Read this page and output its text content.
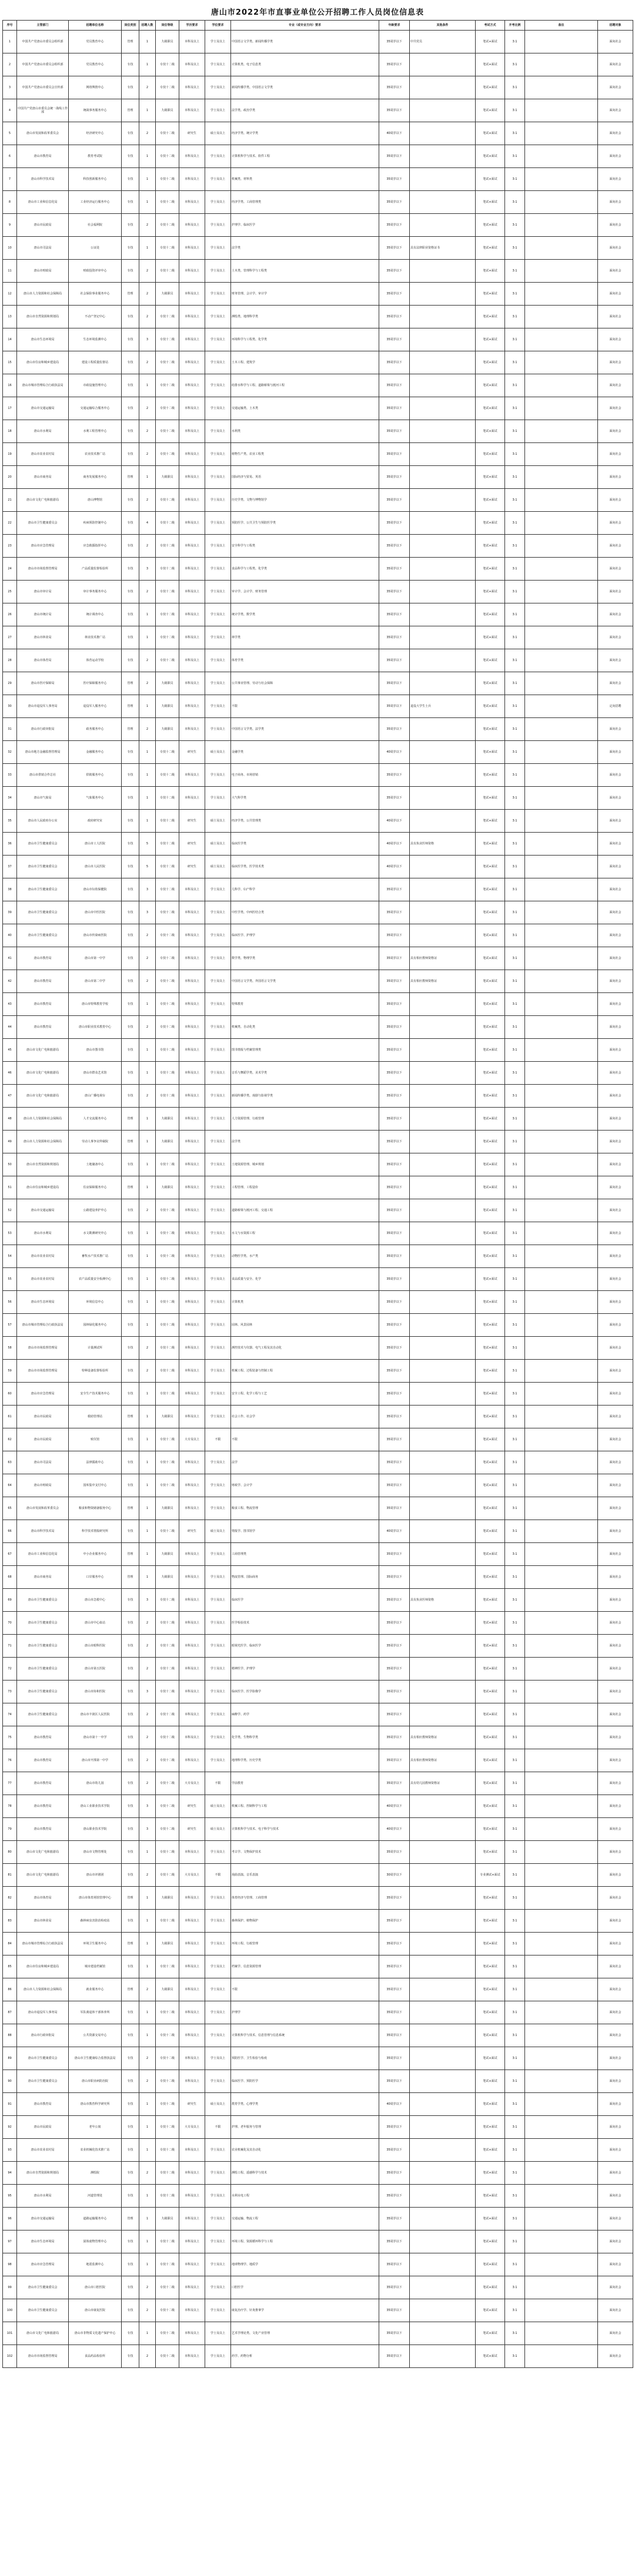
唐山市2022年市直事业单位公开招聘工作人员岗位信息表
序号	主管部门	招聘单位名称	岗位类别	招聘人数	岗位等级	学历要求	学位要求	专业（或专业方向）要求	年龄要求	其他条件	考试方式	开考比例	备注	招聘对象
1	中国共产党唐山市委员会组织部	党员教育中心	管理	1	九级职员	本科及以上	学士及以上	中国语言文学类、新闻传播学类	35周岁以下	中共党员	笔试+面试	3:1		面向社会
2	中国共产党唐山市委员会组织部	党员教育中心	专技	1	专技十二级	本科及以上	学士及以上	计算机类、电子信息类	35周岁以下		笔试+面试	3:1		面向社会
3	中国共产党唐山市委员会宣传部	网络舆情中心	专技	2	专技十二级	本科及以上	学士及以上	新闻传播学类、中国语言文学类	35周岁以下		笔试+面试	3:1		面向社会
4	中国共产党唐山市委员会统一战线工作部	统战事务服务中心	管理	1	九级职员	本科及以上	学士及以上	法学类、政治学类	35周岁以下		笔试+面试	3:1		面向社会
5	唐山市发展和改革委员会	经济研究中心	专技	2	专技十二级	研究生	硕士及以上	经济学类、统计学类	40周岁以下		笔试+面试	3:1		面向社会
6	唐山市教育局	教育考试院	专技	1	专技十二级	本科及以上	学士及以上	计算机科学与技术、软件工程	35周岁以下		笔试+面试	3:1		面向社会
7	唐山市科学技术局	科技创新服务中心	专技	1	专技十二级	本科及以上	学士及以上	机械类、材料类	35周岁以下		笔试+面试	3:1		面向社会
8	唐山市工业和信息化局	工业经济运行服务中心	专技	1	专技十二级	本科及以上	学士及以上	经济学类、工商管理类	35周岁以下		笔试+面试	3:1		面向社会
9	唐山市民政局	社会福利院	专技	2	专技十二级	本科及以上	学士及以上	护理学、临床医学	35周岁以下		笔试+面试	3:1		面向社会
10	唐山市司法局	公证处	专技	1	专技十二级	本科及以上	学士及以上	法学类	35周岁以下	具有法律职业资格证书	笔试+面试	3:1		面向社会
11	唐山市财政局	财政投资评审中心	专技	2	专技十二级	本科及以上	学士及以上	土木类、管理科学与工程类	35周岁以下		笔试+面试	3:1		面向社会
12	唐山市人力资源和社会保障局	社会保险事业服务中心	管理	2	九级职员	本科及以上	学士及以上	财务管理、会计学、审计学	35周岁以下		笔试+面试	3:1		面向社会
13	唐山市自然资源和规划局	不动产登记中心	专技	2	专技十二级	本科及以上	学士及以上	测绘类、地理科学类	35周岁以下		笔试+面试	3:1		面向社会
14	唐山市生态环境局	生态环境监测中心	专技	3	专技十二级	本科及以上	学士及以上	环境科学与工程类、化学类	35周岁以下		笔试+面试	3:1		面向社会
15	唐山市住房和城乡建设局	建设工程质量监督站	专技	2	专技十二级	本科及以上	学士及以上	土木工程、建筑学	35周岁以下		笔试+面试	3:1		面向社会
16	唐山市城市管理综合行政执法局	市政设施管理中心	专技	1	专技十二级	本科及以上	学士及以上	给排水科学与工程、道路桥梁与渡河工程	35周岁以下		笔试+面试	3:1		面向社会
17	唐山市交通运输局	交通运输综合服务中心	专技	2	专技十二级	本科及以上	学士及以上	交通运输类、土木类	35周岁以下		笔试+面试	3:1		面向社会
18	唐山市水利局	水利工程管理中心	专技	2	专技十二级	本科及以上	学士及以上	水利类	35周岁以下		笔试+面试	3:1		面向社会
19	唐山市农业农村局	农业技术推广站	专技	2	专技十二级	本科及以上	学士及以上	植物生产类、农业工程类	35周岁以下		笔试+面试	3:1		面向社会
20	唐山市商务局	商务发展服务中心	管理	1	九级职员	本科及以上	学士及以上	国际经济与贸易、英语	35周岁以下		笔试+面试	3:1		面向社会
21	唐山市文化广电和旅游局	唐山博物馆	专技	2	专技十二级	本科及以上	学士及以上	历史学类、文物与博物馆学	35周岁以下		笔试+面试	3:1		面向社会
22	唐山市卫生健康委员会	疾病预防控制中心	专技	4	专技十二级	本科及以上	学士及以上	预防医学、公共卫生与预防医学类	35周岁以下		笔试+面试	3:1		面向社会
23	唐山市应急管理局	应急救援指挥中心	专技	2	专技十二级	本科及以上	学士及以上	安全科学与工程类	35周岁以下		笔试+面试	3:1		面向社会
24	唐山市市场监督管理局	产品质量监督检验所	专技	3	专技十二级	本科及以上	学士及以上	食品科学与工程类、化学类	35周岁以下		笔试+面试	3:1		面向社会
25	唐山市审计局	审计事务服务中心	专技	2	专技十二级	本科及以上	学士及以上	审计学、会计学、财务管理	35周岁以下		笔试+面试	3:1		面向社会
26	唐山市统计局	统计调查中心	专技	1	专技十二级	本科及以上	学士及以上	统计学类、数学类	35周岁以下		笔试+面试	3:1		面向社会
27	唐山市林业局	林业技术推广站	专技	1	专技十二级	本科及以上	学士及以上	林学类	35周岁以下		笔试+面试	3:1		面向社会
28	唐山市体育局	体育运动学校	专技	2	专技十二级	本科及以上	学士及以上	体育学类	35周岁以下		笔试+面试	3:1		面向社会
29	唐山市医疗保障局	医疗保障服务中心	管理	2	九级职员	本科及以上	学士及以上	公共事业管理、劳动与社会保障	35周岁以下		笔试+面试	3:1		面向社会
30	唐山市退役军人事务局	退役军人服务中心	管理	1	九级职员	本科及以上	学士及以上	不限	35周岁以下	退役大学生士兵	笔试+面试	3:1		定向招聘
31	唐山市行政审批局	政务服务中心	管理	2	九级职员	本科及以上	学士及以上	中国语言文学类、法学类	35周岁以下		笔试+面试	3:1		面向社会
32	唐山市地方金融监督管理局	金融服务中心	专技	1	专技十二级	研究生	硕士及以上	金融学类	40周岁以下		笔试+面试	3:1		面向社会
33	唐山市供销合作总社	供销服务中心	专技	1	专技十二级	本科及以上	学士及以上	电子商务、市场营销	35周岁以下		笔试+面试	3:1		面向社会
34	唐山市气象局	气象服务中心	专技	1	专技十二级	本科及以上	学士及以上	大气科学类	35周岁以下		笔试+面试	3:1		面向社会
35	唐山市人民政府办公室	政府研究室	专技	1	专技十二级	研究生	硕士及以上	经济学类、公共管理类	40周岁以下		笔试+面试	3:1		面向社会
36	唐山市卫生健康委员会	唐山市工人医院	专技	5	专技十二级	研究生	硕士及以上	临床医学类	40周岁以下	具有执业医师资格	笔试+面试	3:1		面向社会
37	唐山市卫生健康委员会	唐山市人民医院	专技	5	专技十二级	研究生	硕士及以上	临床医学类、医学技术类	40周岁以下		笔试+面试	3:1		面向社会
38	唐山市卫生健康委员会	唐山市妇幼保健院	专技	3	专技十二级	本科及以上	学士及以上	儿科学、妇产科学	35周岁以下		笔试+面试	3:1		面向社会
39	唐山市卫生健康委员会	唐山市中医医院	专技	3	专技十二级	本科及以上	学士及以上	中医学类、中西医结合类	35周岁以下		笔试+面试	3:1		面向社会
40	唐山市卫生健康委员会	唐山市传染病医院	专技	2	专技十二级	本科及以上	学士及以上	临床医学、护理学	35周岁以下		笔试+面试	3:1		面向社会
41	唐山市教育局	唐山市第一中学	专技	2	专技十二级	本科及以上	学士及以上	数学类、物理学类	35周岁以下	具有相应教师资格证	笔试+面试	3:1		面向社会
42	唐山市教育局	唐山市第二中学	专技	2	专技十二级	本科及以上	学士及以上	中国语言文学类、外国语言文学类	35周岁以下	具有相应教师资格证	笔试+面试	3:1		面向社会
43	唐山市教育局	唐山市特殊教育学校	专技	1	专技十二级	本科及以上	学士及以上	特殊教育	35周岁以下		笔试+面试	3:1		面向社会
44	唐山市教育局	唐山市职业技术教育中心	专技	2	专技十二级	本科及以上	学士及以上	机械类、自动化类	35周岁以下		笔试+面试	3:1		面向社会
45	唐山市文化广电和旅游局	唐山市图书馆	专技	1	专技十二级	本科及以上	学士及以上	图书情报与档案管理类	35周岁以下		笔试+面试	3:1		面向社会
46	唐山市文化广电和旅游局	唐山市群众艺术馆	专技	1	专技十二级	本科及以上	学士及以上	音乐与舞蹈学类、美术学类	35周岁以下		笔试+面试	3:1		面向社会
47	唐山市文化广电和旅游局	唐山广播电视台	专技	2	专技十二级	本科及以上	学士及以上	新闻传播学类、戏剧与影视学类	35周岁以下		笔试+面试	3:1		面向社会
48	唐山市人力资源和社会保障局	人才交流服务中心	管理	1	九级职员	本科及以上	学士及以上	人力资源管理、行政管理	35周岁以下		笔试+面试	3:1		面向社会
49	唐山市人力资源和社会保障局	劳动人事争议仲裁院	管理	1	九级职员	本科及以上	学士及以上	法学类	35周岁以下		笔试+面试	3:1		面向社会
50	唐山市自然资源和规划局	土地储备中心	专技	1	专技十二级	本科及以上	学士及以上	土地资源管理、城乡规划	35周岁以下		笔试+面试	3:1		面向社会
51	唐山市住房和城乡建设局	住房保障服务中心	管理	1	九级职员	本科及以上	学士及以上	工程管理、工程造价	35周岁以下		笔试+面试	3:1		面向社会
52	唐山市交通运输局	公路建设养护中心	专技	2	专技十二级	本科及以上	学士及以上	道路桥梁与渡河工程、交通工程	35周岁以下		笔试+面试	3:1		面向社会
53	唐山市水利局	水文勘测研究中心	专技	1	专技十二级	本科及以上	学士及以上	水文与水资源工程	35周岁以下		笔试+面试	3:1		面向社会
54	唐山市农业农村局	畜牧水产技术推广站	专技	1	专技十二级	本科及以上	学士及以上	动物医学类、水产类	35周岁以下		笔试+面试	3:1		面向社会
55	唐山市农业农村局	农产品质量安全检测中心	专技	1	专技十二级	本科及以上	学士及以上	食品质量与安全、化学	35周岁以下		笔试+面试	3:1		面向社会
56	唐山市生态环境局	环境信息中心	专技	1	专技十二级	本科及以上	学士及以上	计算机类	35周岁以下		笔试+面试	3:1		面向社会
57	唐山市城市管理综合行政执法局	园林绿化服务中心	专技	1	专技十二级	本科及以上	学士及以上	园林、风景园林	35周岁以下		笔试+面试	3:1		面向社会
58	唐山市市场监督管理局	计量测试所	专技	2	专技十二级	本科及以上	学士及以上	测控技术与仪器、电气工程及其自动化	35周岁以下		笔试+面试	3:1		面向社会
59	唐山市市场监督管理局	特种设备监督检验所	专技	2	专技十二级	本科及以上	学士及以上	机械工程、过程装备与控制工程	35周岁以下		笔试+面试	3:1		面向社会
60	唐山市应急管理局	安全生产技术服务中心	专技	1	专技十二级	本科及以上	学士及以上	安全工程、化学工程与工艺	35周岁以下		笔试+面试	3:1		面向社会
61	唐山市民政局	救助管理站	管理	1	九级职员	本科及以上	学士及以上	社会工作、社会学	35周岁以下		笔试+面试	3:1		面向社会
62	唐山市民政局	殡仪馆	专技	1	专技十二级	大专及以上	不限	不限	35周岁以下		笔试+面试	3:1		面向社会
63	唐山市司法局	法律援助中心	专技	1	专技十二级	本科及以上	学士及以上	法学	35周岁以下		笔试+面试	3:1		面向社会
64	唐山市财政局	国库集中支付中心	专技	1	专技十二级	本科及以上	学士及以上	财政学、会计学	35周岁以下		笔试+面试	3:1		面向社会
65	唐山市发展和改革委员会	粮食和物资储备服务中心	管理	1	九级职员	本科及以上	学士及以上	粮食工程、物流管理	35周岁以下		笔试+面试	3:1		面向社会
66	唐山市科学技术局	科学技术情报研究所	专技	1	专技十二级	研究生	硕士及以上	情报学、图书馆学	40周岁以下		笔试+面试	3:1		面向社会
67	唐山市工业和信息化局	中小企业服务中心	管理	1	九级职员	本科及以上	学士及以上	工商管理类	35周岁以下		笔试+面试	3:1		面向社会
68	唐山市商务局	口岸服务中心	管理	1	九级职员	本科及以上	学士及以上	物流管理、国际商务	35周岁以下		笔试+面试	3:1		面向社会
69	唐山市卫生健康委员会	唐山市急救中心	专技	3	专技十二级	本科及以上	学士及以上	临床医学	35周岁以下	具有执业医师资格	笔试+面试	3:1		面向社会
70	唐山市卫生健康委员会	唐山市中心血站	专技	2	专技十二级	本科及以上	学士及以上	医学检验技术	35周岁以下		笔试+面试	3:1		面向社会
71	唐山市卫生健康委员会	唐山市眼科医院	专技	2	专技十二级	本科及以上	学士及以上	眼视光医学、临床医学	35周岁以下		笔试+面试	3:1		面向社会
72	唐山市卫生健康委员会	唐山市第五医院	专技	2	专技十二级	本科及以上	学士及以上	精神医学、护理学	35周岁以下		笔试+面试	3:1		面向社会
73	唐山市卫生健康委员会	唐山市协和医院	专技	3	专技十二级	本科及以上	学士及以上	临床医学、医学影像学	35周岁以下		笔试+面试	3:1		面向社会
74	唐山市卫生健康委员会	唐山市丰润区人民医院	专技	2	专技十二级	本科及以上	学士及以上	麻醉学、药学	35周岁以下		笔试+面试	3:1		面向社会
75	唐山市教育局	唐山市第十一中学	专技	2	专技十二级	本科及以上	学士及以上	化学类、生物科学类	35周岁以下	具有相应教师资格证	笔试+面试	3:1		面向社会
76	唐山市教育局	唐山市开滦第一中学	专技	2	专技十二级	本科及以上	学士及以上	地理科学类、历史学类	35周岁以下	具有相应教师资格证	笔试+面试	3:1		面向社会
77	唐山市教育局	唐山市幼儿园	专技	2	专技十二级	大专及以上	不限	学前教育	35周岁以下	具有幼儿园教师资格证	笔试+面试	3:1		面向社会
78	唐山市教育局	唐山工业职业技术学院	专技	3	专技十二级	研究生	硕士及以上	机械工程、控制科学与工程	40周岁以下		笔试+面试	3:1		面向社会
79	唐山市教育局	唐山职业技术学院	专技	3	专技十二级	研究生	硕士及以上	计算机科学与技术、电子科学与技术	40周岁以下		笔试+面试	3:1		面向社会
80	唐山市文化广电和旅游局	唐山市文物管理处	专技	1	专技十二级	本科及以上	学士及以上	考古学、文物保护技术	35周岁以下		笔试+面试	3:1		面向社会
81	唐山市文化广电和旅游局	唐山市评剧团	专技	2	专技十二级	大专及以上	不限	戏曲表演、音乐表演	30周岁以下		专业测试+面试	3:1		面向社会
82	唐山市体育局	唐山市体育场馆管理中心	管理	1	九级职员	本科及以上	学士及以上	体育经济与管理、工商管理	35周岁以下		笔试+面试	3:1		面向社会
83	唐山市林业局	森林病虫害防治检疫站	专技	1	专技十二级	本科及以上	学士及以上	森林保护、植物保护	35周岁以下		笔试+面试	3:1		面向社会
84	唐山市城市管理综合行政执法局	环境卫生服务中心	管理	1	九级职员	本科及以上	学士及以上	环境工程、行政管理	35周岁以下		笔试+面试	3:1		面向社会
85	唐山市住房和城乡建设局	城市建设档案馆	专技	1	专技十二级	本科及以上	学士及以上	档案学、信息资源管理	35周岁以下		笔试+面试	3:1		面向社会
86	唐山市人力资源和社会保障局	就业服务中心	管理	2	九级职员	本科及以上	学士及以上	不限	35周岁以下		笔试+面试	3:1		面向社会
87	唐山市退役军人事务局	军队离退休干部休养所	专技	1	专技十二级	本科及以上	学士及以上	护理学	35周岁以下		笔试+面试	3:1		面向社会
88	唐山市行政审批局	公共资源交易中心	专技	1	专技十二级	本科及以上	学士及以上	计算机科学与技术、信息管理与信息系统	35周岁以下		笔试+面试	3:1		面向社会
89	唐山市卫生健康委员会	唐山市卫生健康综合监督执法局	专技	2	专技十二级	本科及以上	学士及以上	预防医学、卫生检验与检疫	35周岁以下		笔试+面试	3:1		面向社会
90	唐山市卫生健康委员会	唐山市职业病防治院	专技	2	专技十二级	本科及以上	学士及以上	临床医学、预防医学	35周岁以下		笔试+面试	3:1		面向社会
91	唐山市教育局	唐山市教育科学研究所	专技	1	专技十二级	研究生	硕士及以上	教育学类、心理学类	40周岁以下		笔试+面试	3:1		面向社会
92	唐山市民政局	老年公寓	专技	1	专技十二级	大专及以上	不限	护理、老年服务与管理	35周岁以下		笔试+面试	3:1		面向社会
93	唐山市农业农村局	农业机械化技术推广站	专技	1	专技十二级	本科及以上	学士及以上	农业机械化及其自动化	35周岁以下		笔试+面试	3:1		面向社会
94	唐山市自然资源和规划局	测绘院	专技	2	专技十二级	本科及以上	学士及以上	测绘工程、遥感科学与技术	35周岁以下		笔试+面试	3:1		面向社会
95	唐山市水利局	河道管理处	专技	1	专技十二级	本科及以上	学士及以上	水利水电工程	35周岁以下		笔试+面试	3:1		面向社会
96	唐山市交通运输局	道路运输服务中心	管理	1	九级职员	本科及以上	学士及以上	交通运输、物流工程	35周岁以下		笔试+面试	3:1		面向社会
97	唐山市生态环境局	固体废物管理中心	专技	1	专技十二级	本科及以上	学士及以上	环境工程、资源循环科学与工程	35周岁以下		笔试+面试	3:1		面向社会
98	唐山市应急管理局	地震监测中心	专技	1	专技十二级	本科及以上	学士及以上	地球物理学、地质学	35周岁以下		笔试+面试	3:1		面向社会
99	唐山市卫生健康委员会	唐山市口腔医院	专技	2	专技十二级	本科及以上	学士及以上	口腔医学	35周岁以下		笔试+面试	3:1		面向社会
100	唐山市卫生健康委员会	唐山市康复医院	专技	2	专技十二级	本科及以上	学士及以上	康复治疗学、针灸推拿学	35周岁以下		笔试+面试	3:1		面向社会
101	唐山市文化广电和旅游局	唐山市非物质文化遗产保护中心	专技	1	专技十二级	本科及以上	学士及以上	艺术学理论类、文化产业管理	35周岁以下		笔试+面试	3:1		面向社会
102	唐山市市场监督管理局	食品药品检验所	专技	2	专技十二级	本科及以上	学士及以上	药学、药物分析	35周岁以下		笔试+面试	3:1		面向社会
